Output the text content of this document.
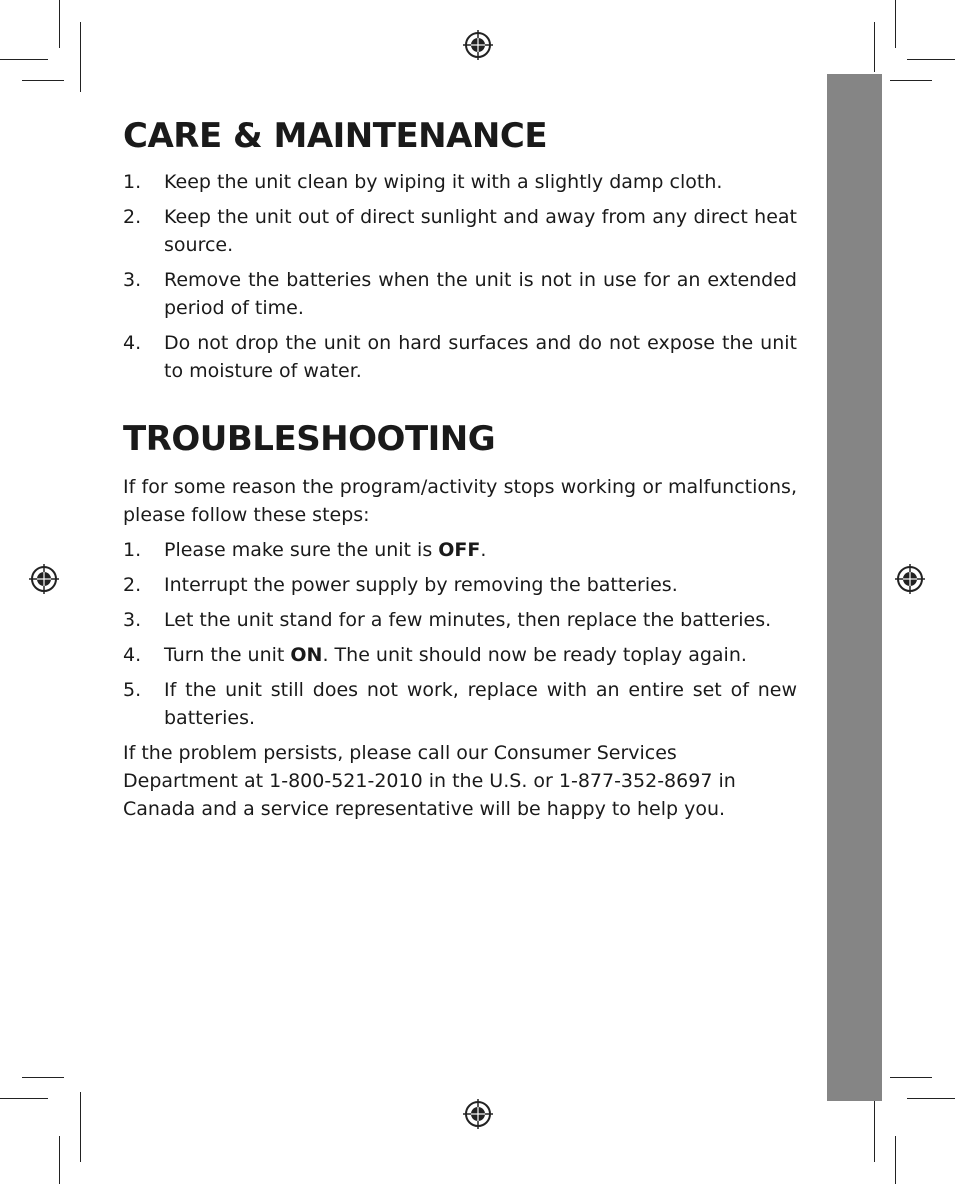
CARE & MAINTENANCE
1. Keep the unit clean by wiping it with a slightly damp cloth.
2. Keep the unit out of direct sunlight and away from any direct heat source.
3. Remove the batteries when the unit is not in use for an extended period of time.
4. Do not drop the unit on hard surfaces and do not expose the unit to moisture of water.
TROUBLESHOOTING

If for some reason the program/activity stops working or malfunctions, please follow these steps:

1. Please make sure the unit is OFF.
2. Interrupt the power supply by removing the batteries.
3. Let the unit stand for a few minutes, then replace the batteries.
4. Turn the unit ON. The unit should now be ready toplay again.
5. If the unit still does not work, replace with an entire set of new batteries.

If the problem persists, please call our Consumer Services Department at 1-800-521-2010 in the U.S. or 1-877-352-8697 in Canada and a service representative will be happy to help you.
